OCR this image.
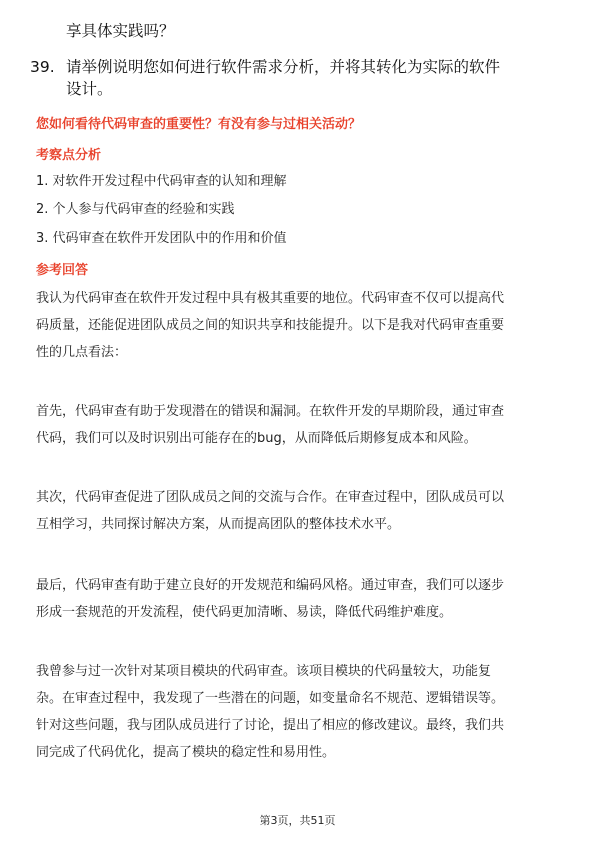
享具体实践吗？
39. 请举例说明您如何进行软件需求分析，并将其转化为实际的软件
设计。
您如何看待代码审查的重要性？有没有参与过相关活动？
考察点分析
1. 对软件开发过程中代码审查的认知和理解
2. 个人参与代码审查的经验和实践
3. 代码审查在软件开发团队中的作用和价值
参考回答
我认为代码审查在软件开发过程中具有极其重要的地位。代码审查不仅可以提高代
码质量，还能促进团队成员之间的知识共享和技能提升。以下是我对代码审查重要
性的几点看法：
首先，代码审查有助于发现潜在的错误和漏洞。在软件开发的早期阶段，通过审查
代码，我们可以及时识别出可能存在的bug，从而降低后期修复成本和风险。
其次，代码审查促进了团队成员之间的交流与合作。在审查过程中，团队成员可以
互相学习，共同探讨解决方案，从而提高团队的整体技术水平。
最后，代码审查有助于建立良好的开发规范和编码风格。通过审查，我们可以逐步
形成一套规范的开发流程，使代码更加清晰、易读，降低代码维护难度。
我曾参与过一次针对某项目模块的代码审查。该项目模块的代码量较大，功能复
杂。在审查过程中，我发现了一些潜在的问题，如变量命名不规范、逻辑错误等。
针对这些问题，我与团队成员进行了讨论，提出了相应的修改建议。最终，我们共
同完成了代码优化，提高了模块的稳定性和易用性。
第3页，共51页
